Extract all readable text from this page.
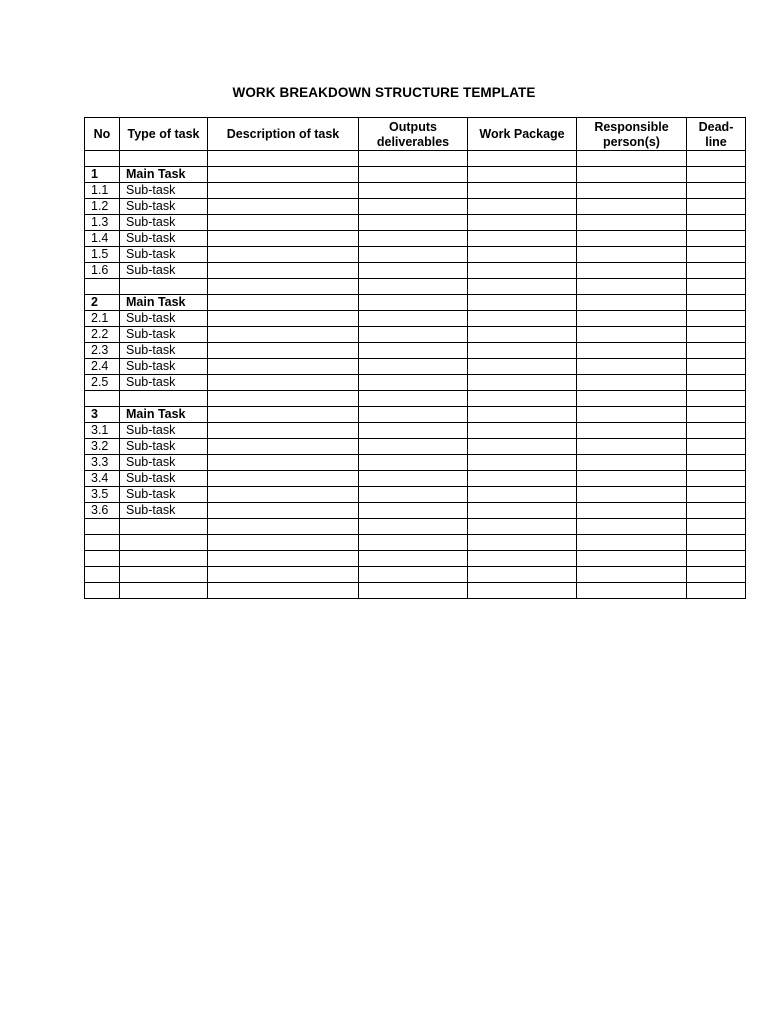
WORK BREAKDOWN STRUCTURE TEMPLATE
No	Type of task	Description of task	Outputs deliverables	Work Package	Responsible person(s)	Dead-line

1	Main Task					
1.1	Sub-task					
1.2	Sub-task					
1.3	Sub-task					
1.4	Sub-task					
1.5	Sub-task					
1.6	Sub-task					

2	Main Task					
2.1	Sub-task					
2.2	Sub-task					
2.3	Sub-task					
2.4	Sub-task					
2.5	Sub-task					

3	Main Task					
3.1	Sub-task					
3.2	Sub-task					
3.3	Sub-task					
3.4	Sub-task					
3.5	Sub-task					
3.6	Sub-task					
